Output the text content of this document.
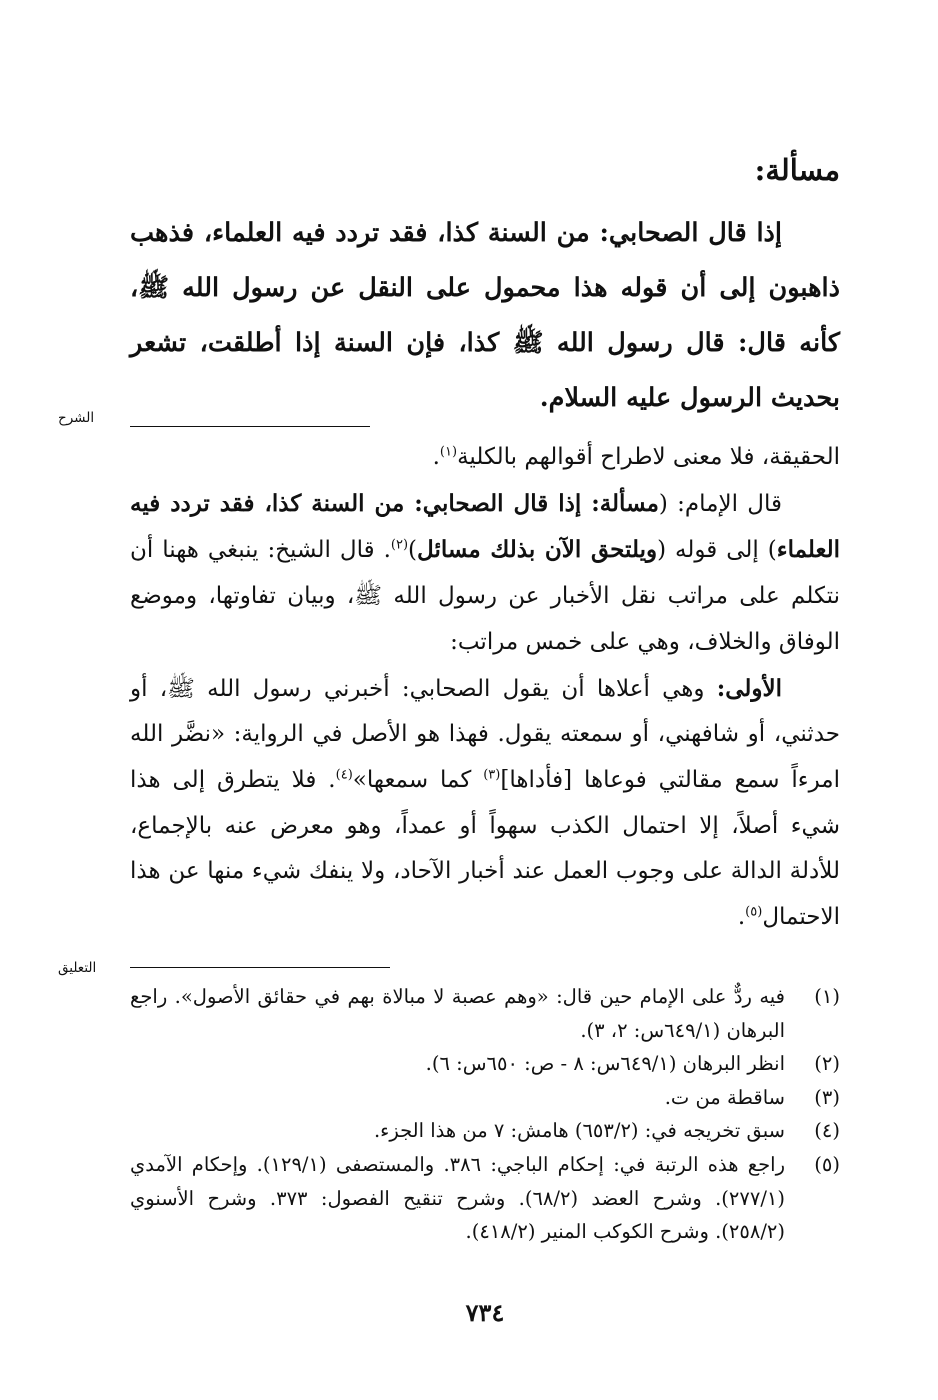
مسألة:

إذا قال الصحابي: من السنة كذا، فقد تردد فيه العلماء، فذهب ذاهبون إلى أن قوله هذا محمول على النقل عن رسول الله ﷺ، كأنه قال: قال رسول الله ﷺ كذا، فإن السنة إذا أطلقت، تشعر بحديث الرسول عليه السلام.

الشرح

الحقيقة، فلا معنى لاطراح أقوالهم بالكلية$^{(١)}$.

قال الإمام: (مسألة: إذا قال الصحابي: من السنة كذا، فقد تردد فيه العلماء) إلى قوله (ويلتحق الآن بذلك مسائل)$^{(٢)}$. قال الشيخ: ينبغي ههنا أن نتكلم على مراتب نقل الأخبار عن رسول الله ﷺ، وبيان تفاوتها، وموضع الوفاق والخلاف، وهي على خمس مراتب:

الأولى: وهي أعلاها أن يقول الصحابي: أخبرني رسول الله ﷺ، أو حدثني، أو شافهني، أو سمعته يقول. فهذا هو الأصل في الرواية: «نضَّر الله امرءاً سمع مقالتي فوعاها [فأداها]$^{(٣)}$ كما سمعها»$^{(٤)}$. فلا يتطرق إلى هذا شيء أصلاً، إلا احتمال الكذب سهواً أو عمداً، وهو معرض عنه بالإجماع، للأدلة الدالة على وجوب العمل عند أخبار الآحاد، ولا ينفك شيء منها عن هذا الاحتمال$^{(٥)}$.

التعليق
(١)
فيه ردٌّ على الإمام حين قال: «وهم عصبة لا مبالاة بهم في حقائق الأصول». راجع البرهان (٦٤٩/١س: ٢، ٣).
(٢)
انظر البرهان (٦٤٩/١س: ٨ - ص: ٦٥٠س: ٦).
(٣)
ساقطة من ت.
(٤)
سبق تخريجه في: (٦٥٣/٢) هامش: ٧ من هذا الجزء.
(٥)
راجع هذه الرتبة في: إحكام الباجي: ٣٨٦. والمستصفى (١٢٩/١). وإحكام الآمدي (٢٧٧/١). وشرح العضد (٦٨/٢). وشرح تنقيح الفصول: ٣٧٣. وشرح الأسنوي (٢٥٨/٢). وشرح الكوكب المنير (٤١٨/٢).
٧٣٤
